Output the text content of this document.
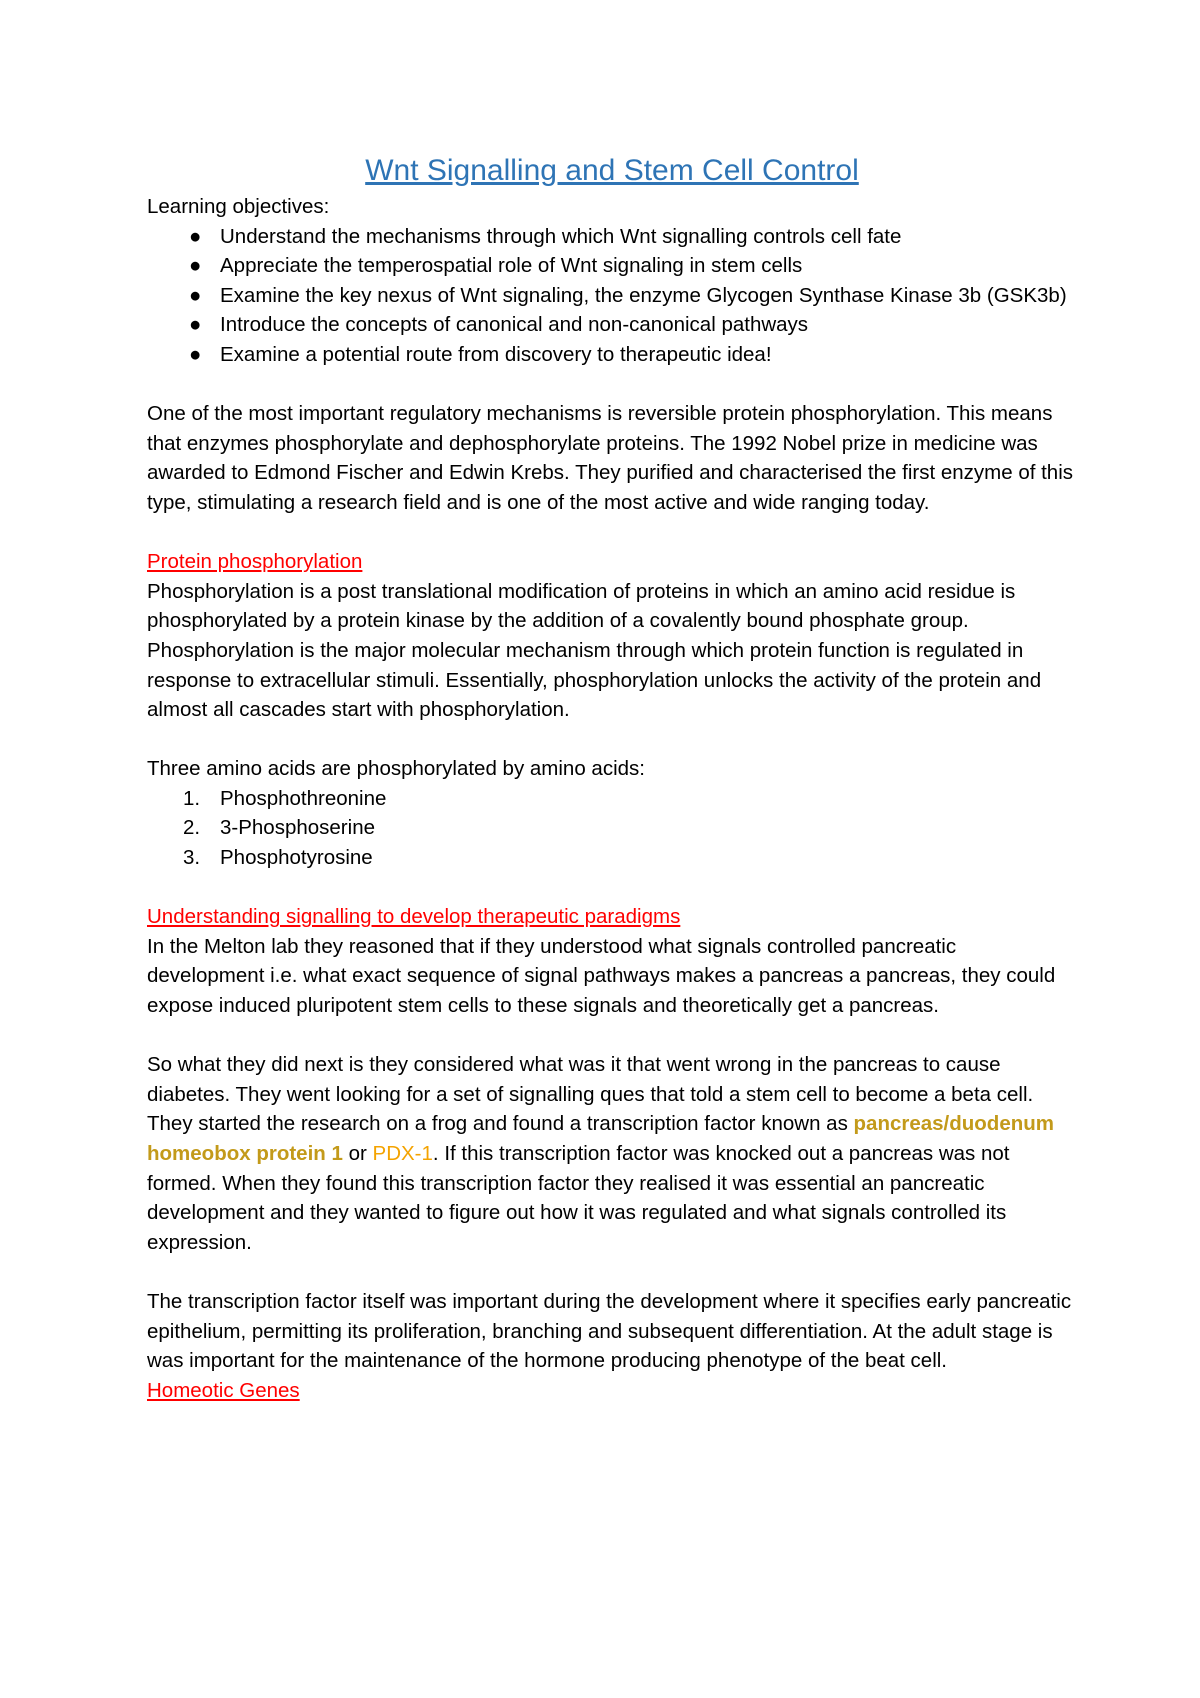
Wnt Signalling and Stem Cell Control

Learning objectives:

● Understand the mechanisms through which Wnt signalling controls cell fate
● Appreciate the temperospatial role of Wnt signaling in stem cells
● Examine the key nexus of Wnt signaling, the enzyme Glycogen Synthase Kinase 3b (GSK3b)
● Introduce the concepts of canonical and non-canonical pathways
● Examine a potential route from discovery to therapeutic idea!

One of the most important regulatory mechanisms is reversible protein phosphorylation. This means that enzymes phosphorylate and dephosphorylate proteins. The 1992 Nobel prize in medicine was awarded to Edmond Fischer and Edwin Krebs. They purified and characterised the first enzyme of this type, stimulating a research field and is one of the most active and wide ranging today.

Protein phosphorylation

Phosphorylation is a post translational modification of proteins in which an amino acid residue is phosphorylated by a protein kinase by the addition of a covalently bound phosphate group. Phosphorylation is the major molecular mechanism through which protein function is regulated in response to extracellular stimuli. Essentially, phosphorylation unlocks the activity of the protein and almost all cascades start with phosphorylation.

Three amino acids are phosphorylated by amino acids:

1. Phosphothreonine
2. 3-Phosphoserine
3. Phosphotyrosine

Understanding signalling to develop therapeutic paradigms

In the Melton lab they reasoned that if they understood what signals controlled pancreatic development i.e. what exact sequence of signal pathways makes a pancreas a pancreas, they could expose induced pluripotent stem cells to these signals and theoretically get a pancreas.

So what they did next is they considered what was it that went wrong in the pancreas to cause diabetes. They went looking for a set of signalling ques that told a stem cell to become a beta cell. They started the research on a frog and found a transcription factor known as pancreas/duodenum homeobox protein 1 or PDX-1. If this transcription factor was knocked out a pancreas was not formed. When they found this transcription factor they realised it was essential an pancreatic development and they wanted to figure out how it was regulated and what signals controlled its expression.

The transcription factor itself was important during the development where it specifies early pancreatic epithelium, permitting its proliferation, branching and subsequent differentiation. At the adult stage is was important for the maintenance of the hormone producing phenotype of the beat cell.

Homeotic Genes
